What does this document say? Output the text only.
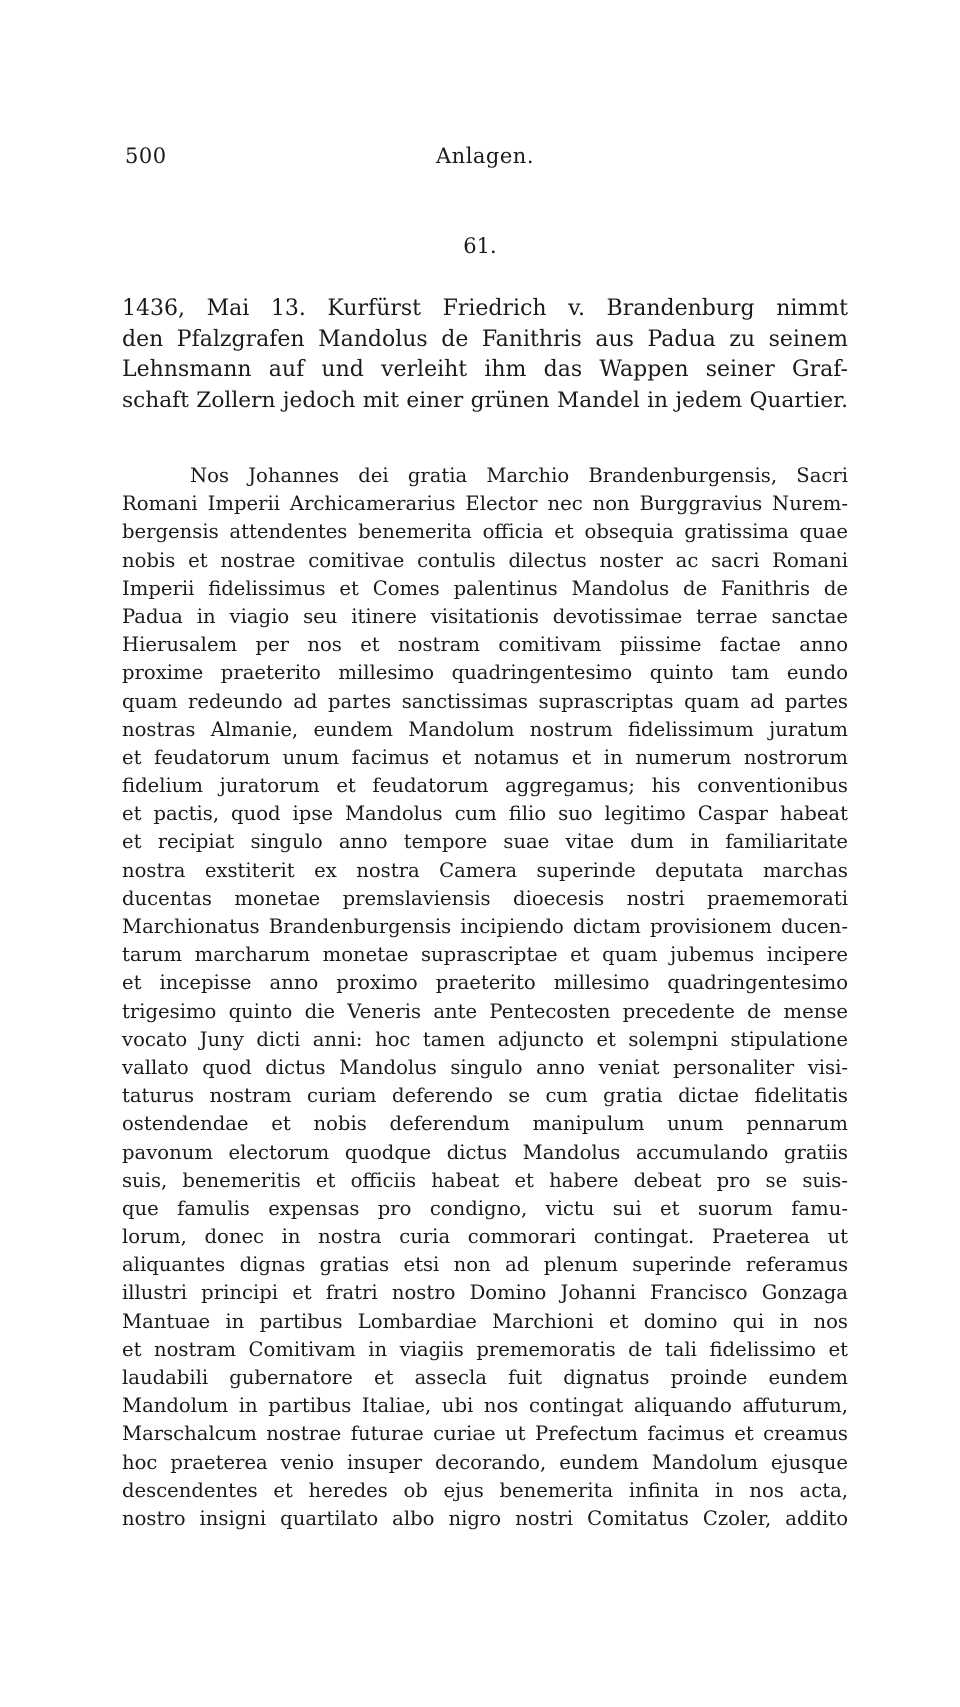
500	Anlagen.
61.
1436, Mai 13. Kurfürst Friedrich v. Brandenburg nimmt
den Pfalzgrafen Mandolus de Fanithris aus Padua zu seinem
Lehnsmann auf und verleiht ihm das Wappen seiner Graf-
schaft Zollern jedoch mit einer grünen Mandel in jedem Quartier.
Nos Johannes dei gratia Marchio Brandenburgensis, Sacri
Romani Imperii Archicamerarius Elector nec non Burggravius Nurem-
bergensis attendentes benemerita officia et obsequia gratissima quae
nobis et nostrae comitivae contulis dilectus noster ac sacri Romani
Imperii fidelissimus et Comes palentinus Mandolus de Fanithris de
Padua in viagio seu itinere visitationis devotissimae terrae sanctae
Hierusalem per nos et nostram comitivam piissime factae anno
proxime praeterito millesimo quadringentesimo quinto tam eundo
quam redeundo ad partes sanctissimas suprascriptas quam ad partes
nostras Almanie, eundem Mandolum nostrum fidelissimum juratum
et feudatorum unum facimus et notamus et in numerum nostrorum
fidelium juratorum et feudatorum aggregamus; his conventionibus
et pactis, quod ipse Mandolus cum filio suo legitimo Caspar habeat
et recipiat singulo anno tempore suae vitae dum in familiaritate
nostra exstiterit ex nostra Camera superinde deputata marchas
ducentas monetae premslaviensis dioecesis nostri praememorati
Marchionatus Brandenburgensis incipiendo dictam provisionem ducen-
tarum marcharum monetae suprascriptae et quam jubemus incipere
et incepisse anno proximo praeterito millesimo quadringentesimo
trigesimo quinto die Veneris ante Pentecosten precedente de mense
vocato Juny dicti anni: hoc tamen adjuncto et solempni stipulatione
vallato quod dictus Mandolus singulo anno veniat personaliter visi-
taturus nostram curiam deferendo se cum gratia dictae fidelitatis
ostendendae et nobis deferendum manipulum unum pennarum
pavonum electorum quodque dictus Mandolus accumulando gratiis
suis, benemeritis et officiis habeat et habere debeat pro se suis-
que famulis expensas pro condigno, victu sui et suorum famu-
lorum, donec in nostra curia commorari contingat. Praeterea ut
aliquantes dignas gratias etsi non ad plenum superinde referamus
illustri principi et fratri nostro Domino Johanni Francisco Gonzaga
Mantuae in partibus Lombardiae Marchioni et domino qui in nos
et nostram Comitivam in viagiis prememoratis de tali fidelissimo et
laudabili gubernatore et assecla fuit dignatus proinde eundem
Mandolum in partibus Italiae, ubi nos contingat aliquando affuturum,
Marschalcum nostrae futurae curiae ut Prefectum facimus et creamus
hoc praeterea venio insuper decorando, eundem Mandolum ejusque
descendentes et heredes ob ejus benemerita infinita in nos acta,
nostro insigni quartilato albo nigro nostri Comitatus Czoler, addito
